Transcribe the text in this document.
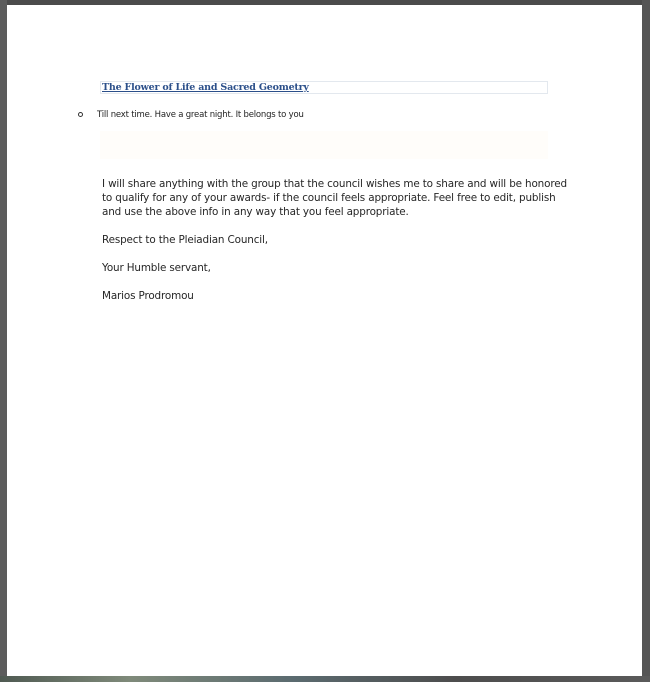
The Flower of Life and Sacred Geometry
Till next time. Have a great night. It belongs to you

I will share anything with the group that the council wishes me to share and will be honored

to qualify for any of your awards- if the council feels appropriate. Feel free to edit, publish

and use the above info in any way that you feel appropriate.

Respect to the Pleiadian Council,

Your Humble servant,

Marios Prodromou
